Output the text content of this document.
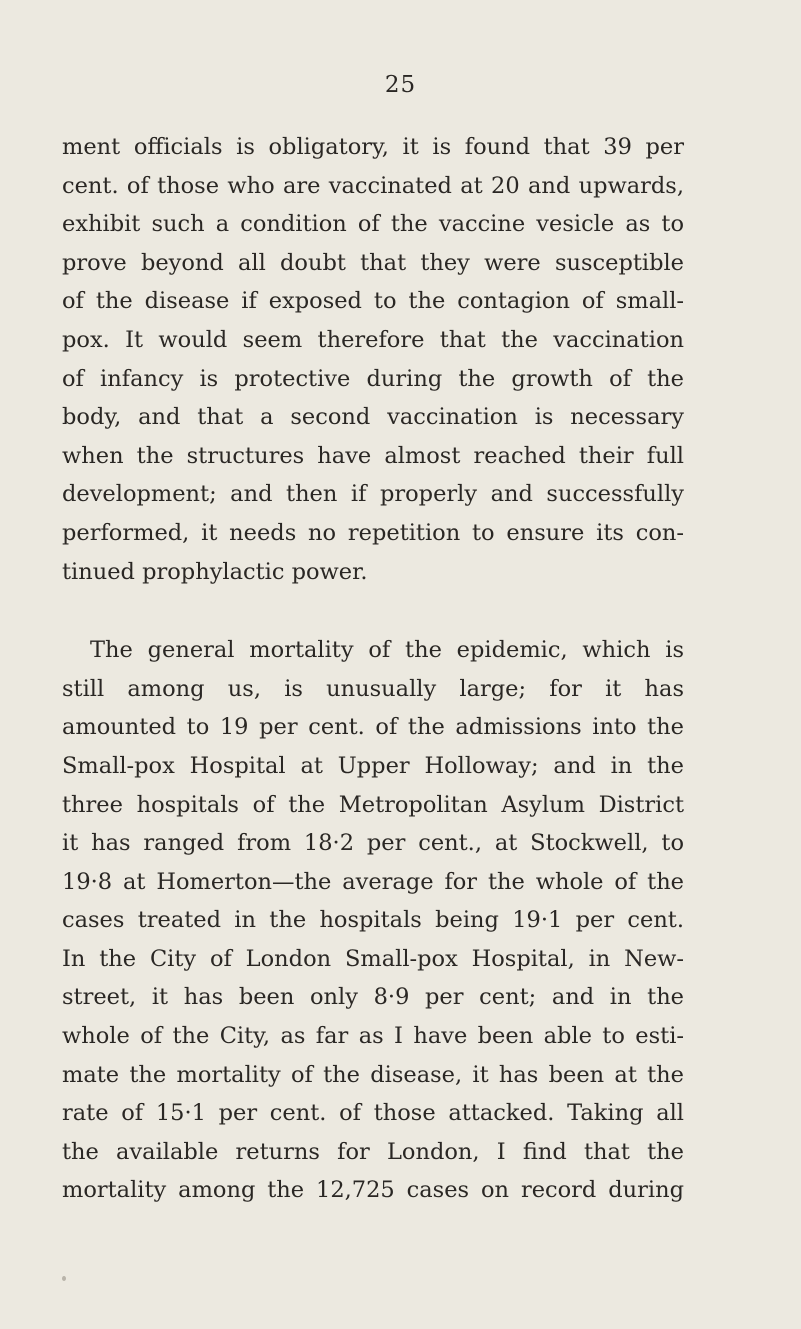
25

ment officials is obligatory, it is found that 39 per
cent. of those who are vaccinated at 20 and upwards,
exhibit such a condition of the vaccine vesicle as to
prove beyond all doubt that they were susceptible
of the disease if exposed to the contagion of small-
pox. It would seem therefore that the vaccination
of infancy is protective during the growth of the
body, and that a second vaccination is necessary
when the structures have almost reached their full
development; and then if properly and successfully
performed, it needs no repetition to ensure its con-
tinued prophylactic power.

The general mortality of the epidemic, which is
still among us, is unusually large; for it has
amounted to 19 per cent. of the admissions into the
Small-pox Hospital at Upper Holloway; and in the
three hospitals of the Metropolitan Asylum District
it has ranged from 18·2 per cent., at Stockwell, to
19·8 at Homerton—the average for the whole of the
cases treated in the hospitals being 19·1 per cent.
In the City of London Small-pox Hospital, in New-
street, it has been only 8·9 per cent; and in the
whole of the City, as far as I have been able to esti-
mate the mortality of the disease, it has been at the
rate of 15·1 per cent. of those attacked. Taking all
the available returns for London, I find that the
mortality among the 12,725 cases on record during
